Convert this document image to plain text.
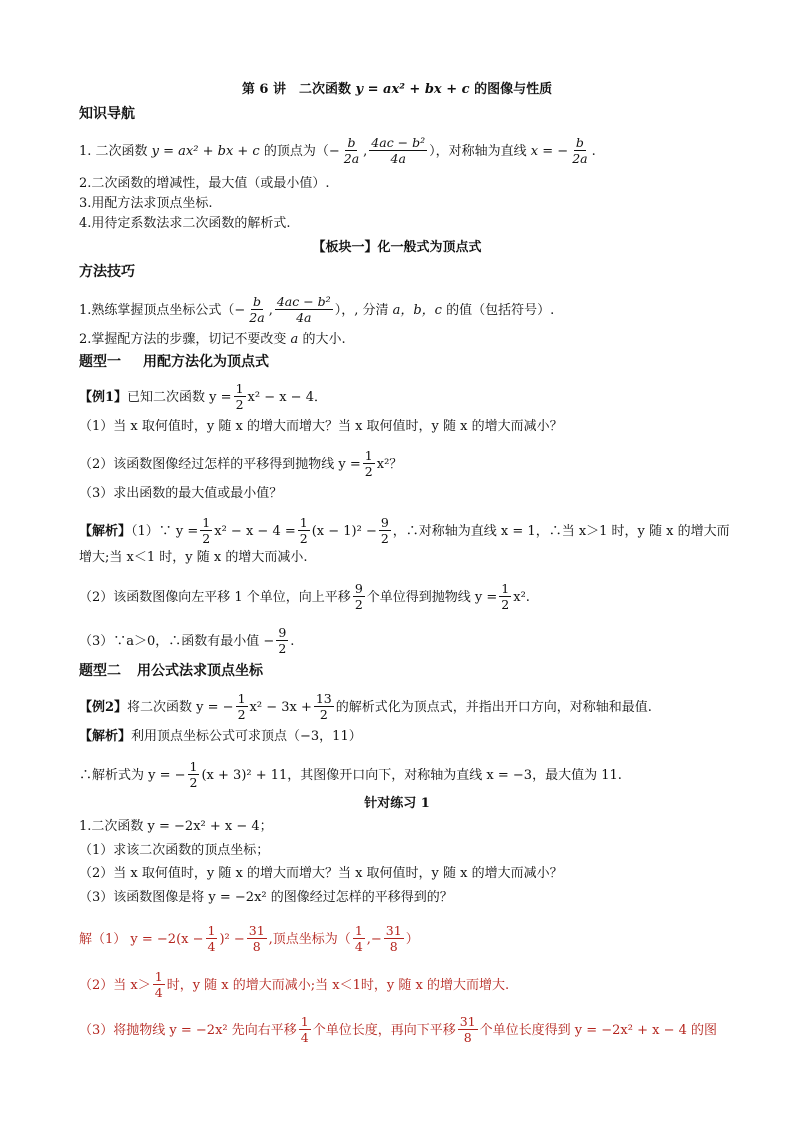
第 6 讲　二次函数 y = ax² + bx + c 的图像与性质
知识导航
1. 二次函数 y = ax² + bx + c 的顶点为（− $\frac{b}{2a}$ , $\frac{\text{4ac − b²}}{4a}$ ），对称轴为直线 x = − $\frac{b}{2a}$ .
2.二次函数的增减性，最大值（或最小值）.
3.用配方法求顶点坐标.
4.用待定系数法求二次函数的解析式.
【板块一】化一般式为顶点式
方法技巧
1.熟练掌握顶点坐标公式（− $\frac{b}{2a}$ , $\frac{\text{4ac − b²}}{4a}$ ），, 分清 a，b，c 的值（包括符号）.
2.掌握配方法的步骤，切记不要改变 a 的大小.
题型一 用配方法化为顶点式
【例1】已知二次函数 $y = \frac{1}{2} x^2 - x - 4$．
（1）当 x 取何值时，y 随 x 的增大而增大？当 x 取何值时，y 随 x 的增大而减小？
（2）该函数图像经过怎样的平移得到抛物线 $y = \frac{1}{2} x^2$？
（3）求出函数的最大值或最小值？
【解析】（1）∵ $y = \frac{1}{2} x^2 - x - 4 = \frac{1}{2} (x - 1)^2 - \frac{9}{2}$ ，∴对称轴为直线 x = 1，∴当 x＞1 时，y 随 x 的增大而
增大;当 x＜1 时，y 随 x 的增大而减小.
（2）该函数图像向左平移 1 个单位，向上平移 $\frac{9}{2}$ 个单位得到抛物线 $y = \frac{1}{2} x^2$.
（3）∵a＞0，∴函数有最小值 − $\frac{9}{2}$ .
题型二 用公式法求顶点坐标
【例2】将二次函数 y = − $\frac{1}{2} x^2 - 3x + \frac{13}{2}$ 的解析式化为顶点式，并指出开口方向，对称轴和最值.
【解析】利用顶点坐标公式可求顶点（−3，11）
∴解析式为 y = − $\frac{1}{2} (x + 3)^2 + 11$，其图像开口向下，对称轴为直线 x = −3，最大值为 11.
针对练习 1
1.二次函数 y = −2x² + x − 4；
（1）求该二次函数的顶点坐标；
（2）当 x 取何值时，y 随 x 的增大而增大？当 x 取何值时，y 随 x 的增大而减小？
（3）该函数图像是将 y = −2x² 的图像经过怎样的平移得到的？
解（1） $y = -2(x - \frac{1}{4} )^2 - \frac{31}{8}$ ,顶点坐标为（ $\frac{1}{4}$ ,− $\frac{31}{8}$ ）
（2）当 $x> \frac{1}{4}$ 时，y 随 x 的增大而减小;当 x＜1时，y 随 x 的增大而增大.
（3）将抛物线 y = −2x² 先向右平移 $\frac{1}{4}$ 个单位长度，再向下平移 $\frac{31}{8}$ 个单位长度得到 y = −2x² + x − 4 的图
